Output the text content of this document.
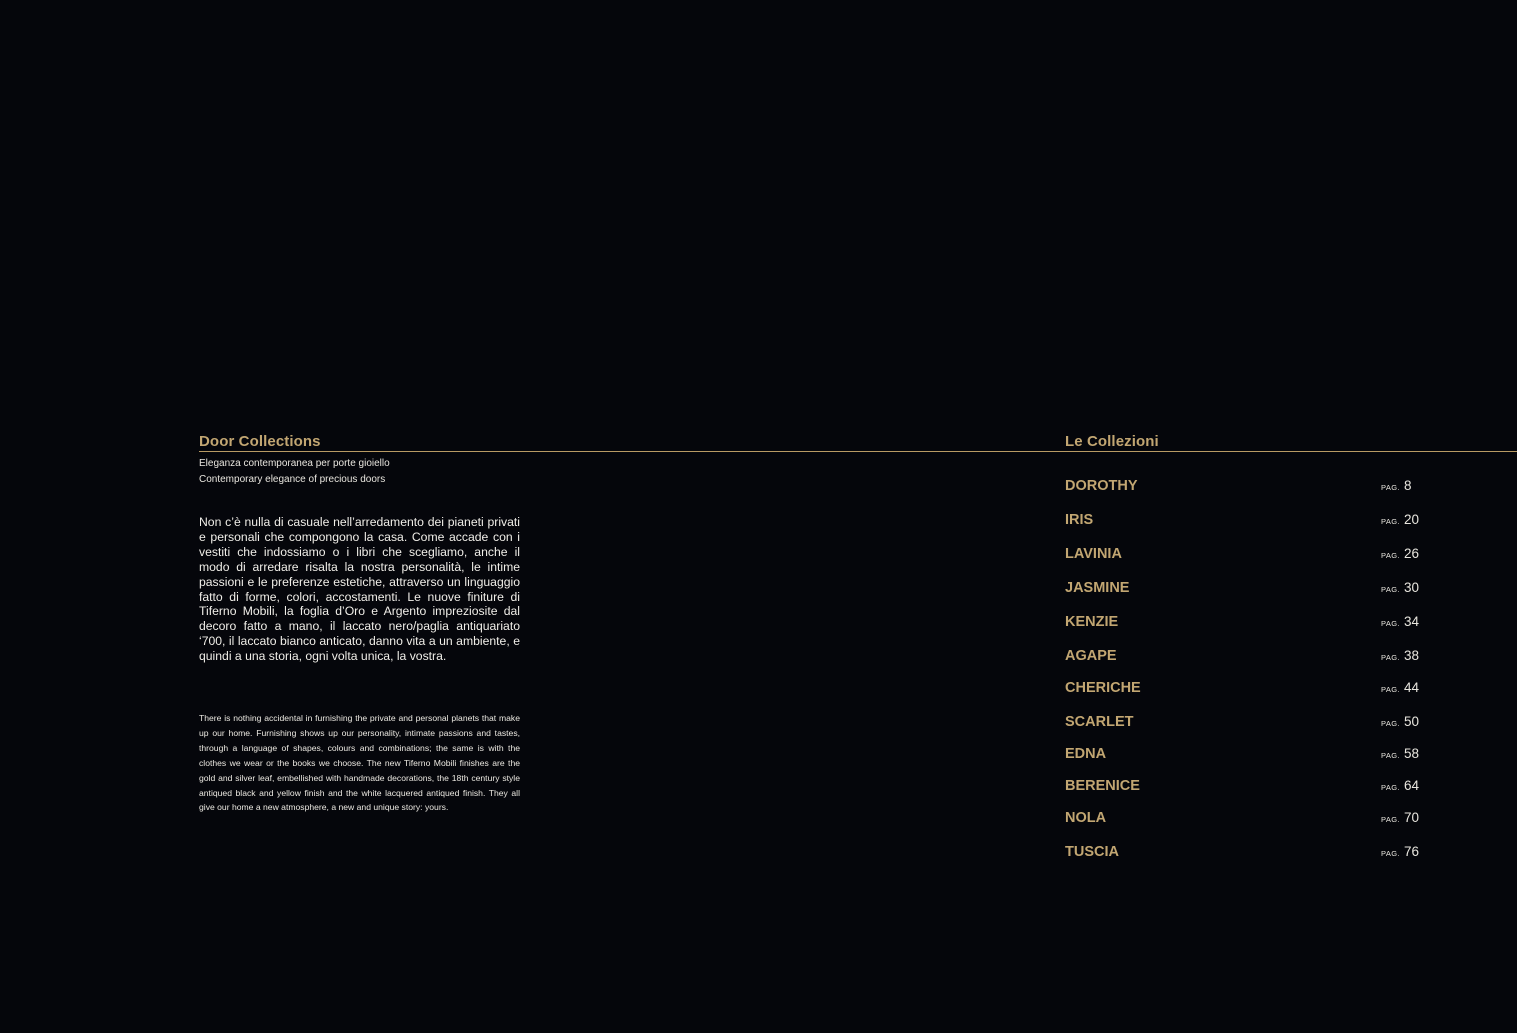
Door Collections
Eleganza contemporanea per porte gioiello
Contemporary elegance of precious doors

Non c’è nulla di casuale nell’arredamento dei pianeti privati e personali che compongono la casa. Come accade con i vestiti che indossiamo o i libri che scegliamo, anche il modo di arredare risalta la nostra personalità, le intime passioni e le preferenze estetiche, attraverso un linguaggio fatto di forme, colori, accostamenti. Le nuove finiture di Tiferno Mobili, la foglia d’Oro e Argento impreziosite dal decoro fatto a mano, il laccato nero/paglia antiquariato ‘700, il laccato bianco anticato, danno vita a un ambiente, e quindi a una storia, ogni volta unica, la vostra.

There is nothing accidental in furnishing the private and personal planets that make up our home. Furnishing shows up our personality, intimate passions and tastes, through a language of shapes, colours and combinations; the same is with the clothes we wear or the books we choose. The new Tiferno Mobili finishes are the gold and silver leaf, embellished with handmade decorations, the 18th century style antiqued black and yellow finish and the white lacquered antiqued finish. They all give our home a new atmosphere, a new and unique story: yours.

Le Collezioni
DOROTHY	PAG. 8
IRIS	PAG. 20
LAVINIA	PAG. 26
JASMINE	PAG. 30
KENZIE	PAG. 34
AGAPE	PAG. 38
CHERICHE	PAG. 44
SCARLET	PAG. 50
EDNA	PAG. 58
BERENICE	PAG. 64
NOLA	PAG. 70
TUSCIA	PAG. 76
